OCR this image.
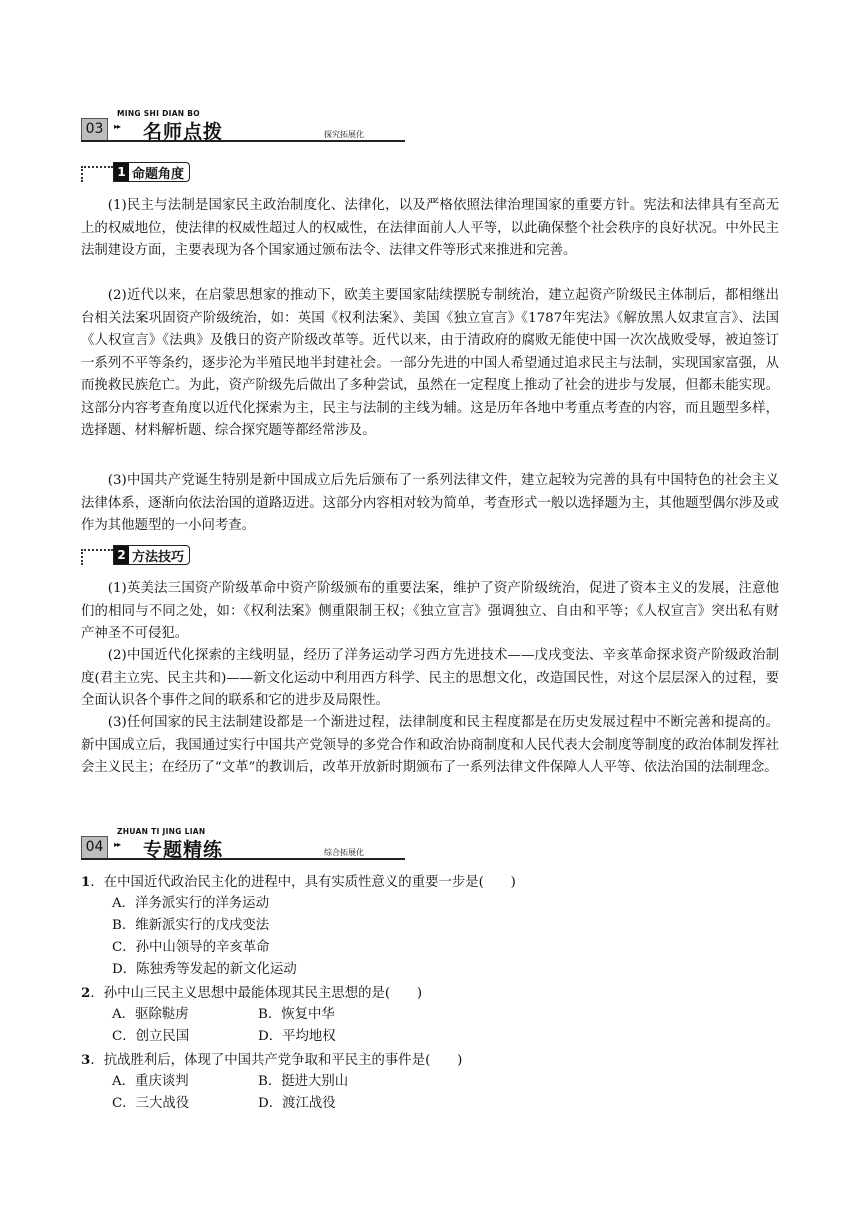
MING SHI DIAN BO
03	▸▸ 名师点拨	探究拓展化
1 命题角度

(1)民主与法制是国家民主政治制度化、法律化，以及严格依照法律治理国家的重要方针。宪法和法律具有至高无上的权威地位，使法律的权威性超过人的权威性，在法律面前人人平等，以此确保整个社会秩序的良好状况。中外民主法制建设方面，主要表现为各个国家通过颁布法令、法律文件等形式来推进和完善。

(2)近代以来，在启蒙思想家的推动下，欧美主要国家陆续摆脱专制统治，建立起资产阶级民主体制后，都相继出台相关法案巩固资产阶级统治，如：英国《权利法案》、美国《独立宣言》《1787年宪法》《解放黑人奴隶宣言》、法国《人权宣言》《法典》及俄日的资产阶级改革等。近代以来，由于清政府的腐败无能使中国一次次战败受辱，被迫签订一系列不平等条约，逐步沦为半殖民地半封建社会。一部分先进的中国人希望通过追求民主与法制，实现国家富强，从而挽救民族危亡。为此，资产阶级先后做出了多种尝试，虽然在一定程度上推动了社会的进步与发展，但都未能实现。这部分内容考查角度以近代化探索为主，民主与法制的主线为辅。这是历年各地中考重点考查的内容，而且题型多样，选择题、材料解析题、综合探究题等都经常涉及。

(3)中国共产党诞生特别是新中国成立后先后颁布了一系列法律文件，建立起较为完善的具有中国特色的社会主义法律体系，逐渐向依法治国的道路迈进。这部分内容相对较为简单，考查形式一般以选择题为主，其他题型偶尔涉及或作为其他题型的一小问考查。

2 方法技巧

(1)英美法三国资产阶级革命中资产阶级颁布的重要法案，维护了资产阶级统治，促进了资本主义的发展，注意他们的相同与不同之处，如：《权利法案》侧重限制王权；《独立宣言》强调独立、自由和平等；《人权宣言》突出私有财产神圣不可侵犯。

(2)中国近代化探索的主线明显，经历了洋务运动学习西方先进技术——戊戌变法、辛亥革命探求资产阶级政治制度(君主立宪、民主共和)——新文化运动中利用西方科学、民主的思想文化，改造国民性，对这个层层深入的过程，要全面认识各个事件之间的联系和它的进步及局限性。

(3)任何国家的民主法制建设都是一个渐进过程，法律制度和民主程度都是在历史发展过程中不断完善和提高的。新中国成立后，我国通过实行中国共产党领导的多党合作和政治协商制度和人民代表大会制度等制度的政治体制发挥社会主义民主；在经历了“文革”的教训后，改革开放新时期颁布了一系列法律文件保障人人平等、依法治国的法制理念。

ZHUAN TI JING LIAN
04	▸▸ 专题精练	综合拓展化

1．在中国近代政治民主化的进程中，具有实质性意义的重要一步是(　　)

A．洋务派实行的洋务运动

B．维新派实行的戊戌变法

C．孙中山领导的辛亥革命

D．陈独秀等发起的新文化运动

2．孙中山三民主义思想中最能体现其民主思想的是(　　)

A．驱除鞑虏	B．恢复中华

C．创立民国	D．平均地权

3．抗战胜利后，体现了中国共产党争取和平民主的事件是(　　)

A．重庆谈判	B．挺进大别山

C．三大战役	D．渡江战役
